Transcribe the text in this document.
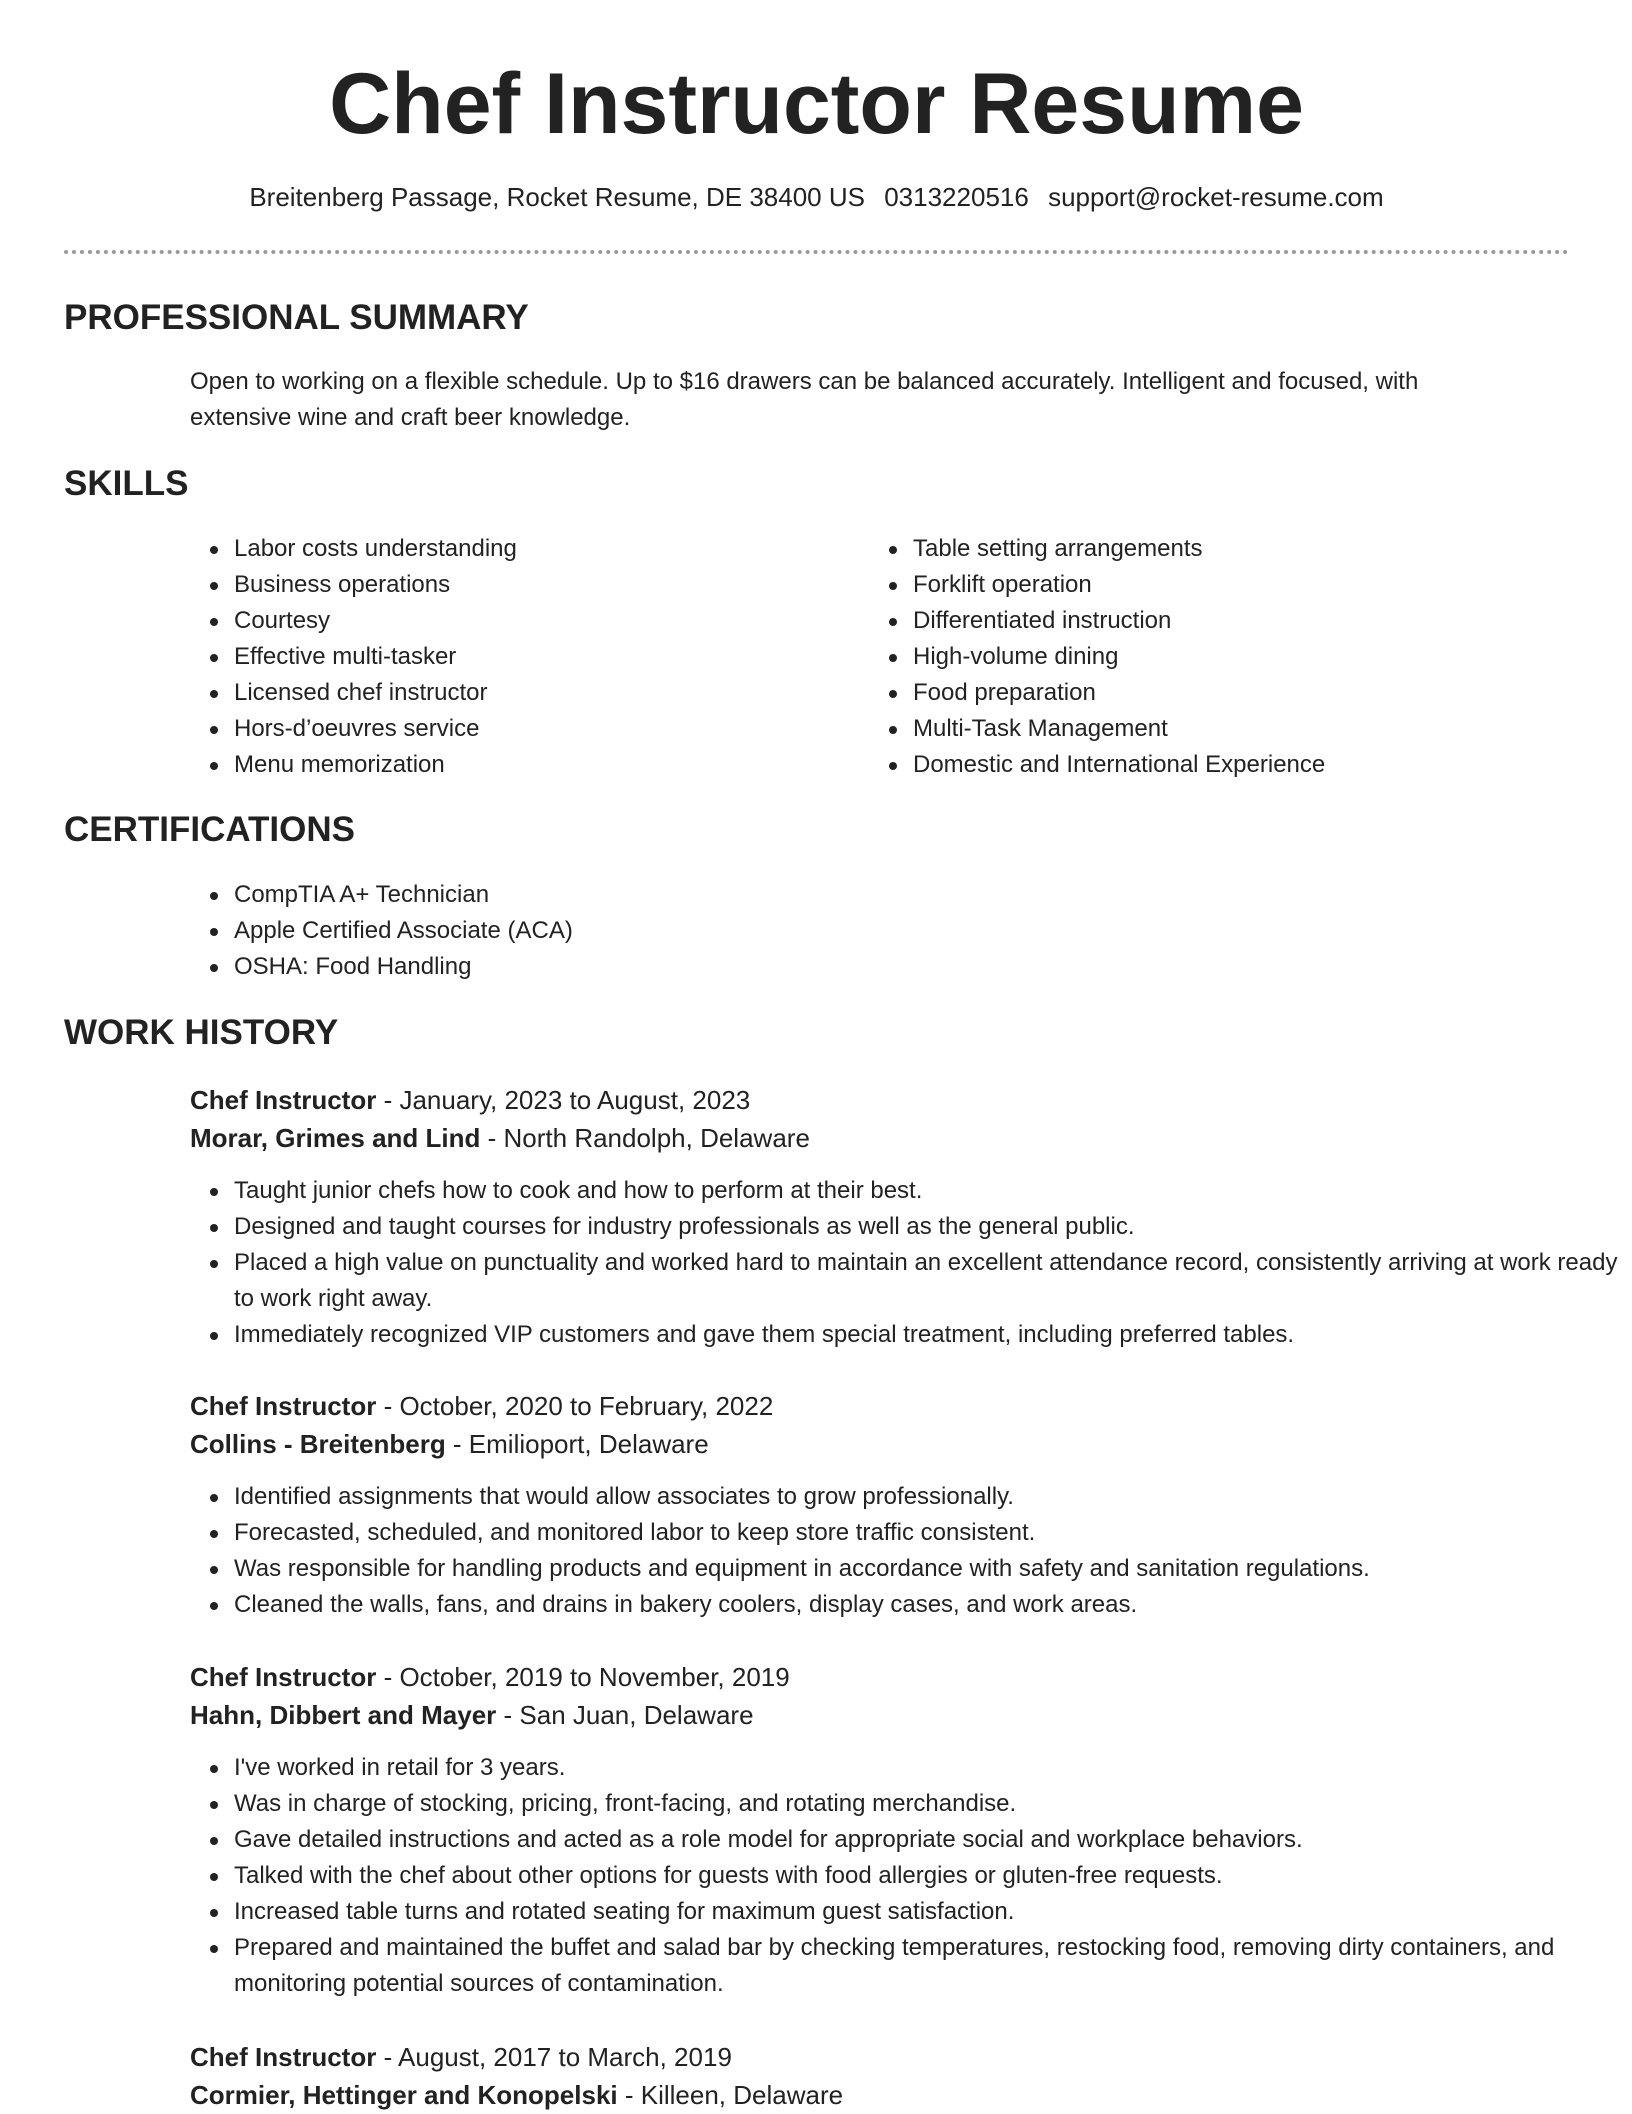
Chef Instructor Resume
Breitenberg Passage, Rocket Resume, DE 38400 US 0313220516 support@rocket-resume.com
PROFESSIONAL SUMMARY

Open to working on a flexible schedule. Up to $16 drawers can be balanced accurately. Intelligent and focused, with extensive wine and craft beer knowledge.

SKILLS
Labor costs understanding
Business operations
Courtesy
Effective multi-tasker
Licensed chef instructor
Hors-d’oeuvres service
Menu memorization
Table setting arrangements
Forklift operation
Differentiated instruction
High-volume dining
Food preparation
Multi-Task Management
Domestic and International Experience
CERTIFICATIONS
CompTIA A+ Technician
Apple Certified Associate (ACA)
OSHA: Food Handling
WORK HISTORY

Chef Instructor - January, 2023 to August, 2023

Morar, Grimes and Lind - North Randolph, Delaware

Taught junior chefs how to cook and how to perform at their best.
Designed and taught courses for industry professionals as well as the general public.
Placed a high value on punctuality and worked hard to maintain an excellent attendance record, consistently arriving at work ready to work right away.
Immediately recognized VIP customers and gave them special treatment, including preferred tables.

Chef Instructor - October, 2020 to February, 2022

Collins - Breitenberg - Emilioport, Delaware

Identified assignments that would allow associates to grow professionally.
Forecasted, scheduled, and monitored labor to keep store traffic consistent.
Was responsible for handling products and equipment in accordance with safety and sanitation regulations.
Cleaned the walls, fans, and drains in bakery coolers, display cases, and work areas.

Chef Instructor - October, 2019 to November, 2019

Hahn, Dibbert and Mayer - San Juan, Delaware

I've worked in retail for 3 years.
Was in charge of stocking, pricing, front-facing, and rotating merchandise.
Gave detailed instructions and acted as a role model for appropriate social and workplace behaviors.
Talked with the chef about other options for guests with food allergies or gluten-free requests.
Increased table turns and rotated seating for maximum guest satisfaction.
Prepared and maintained the buffet and salad bar by checking temperatures, restocking food, removing dirty containers, and monitoring potential sources of contamination.

Chef Instructor - August, 2017 to March, 2019

Cormier, Hettinger and Konopelski - Killeen, Delaware
